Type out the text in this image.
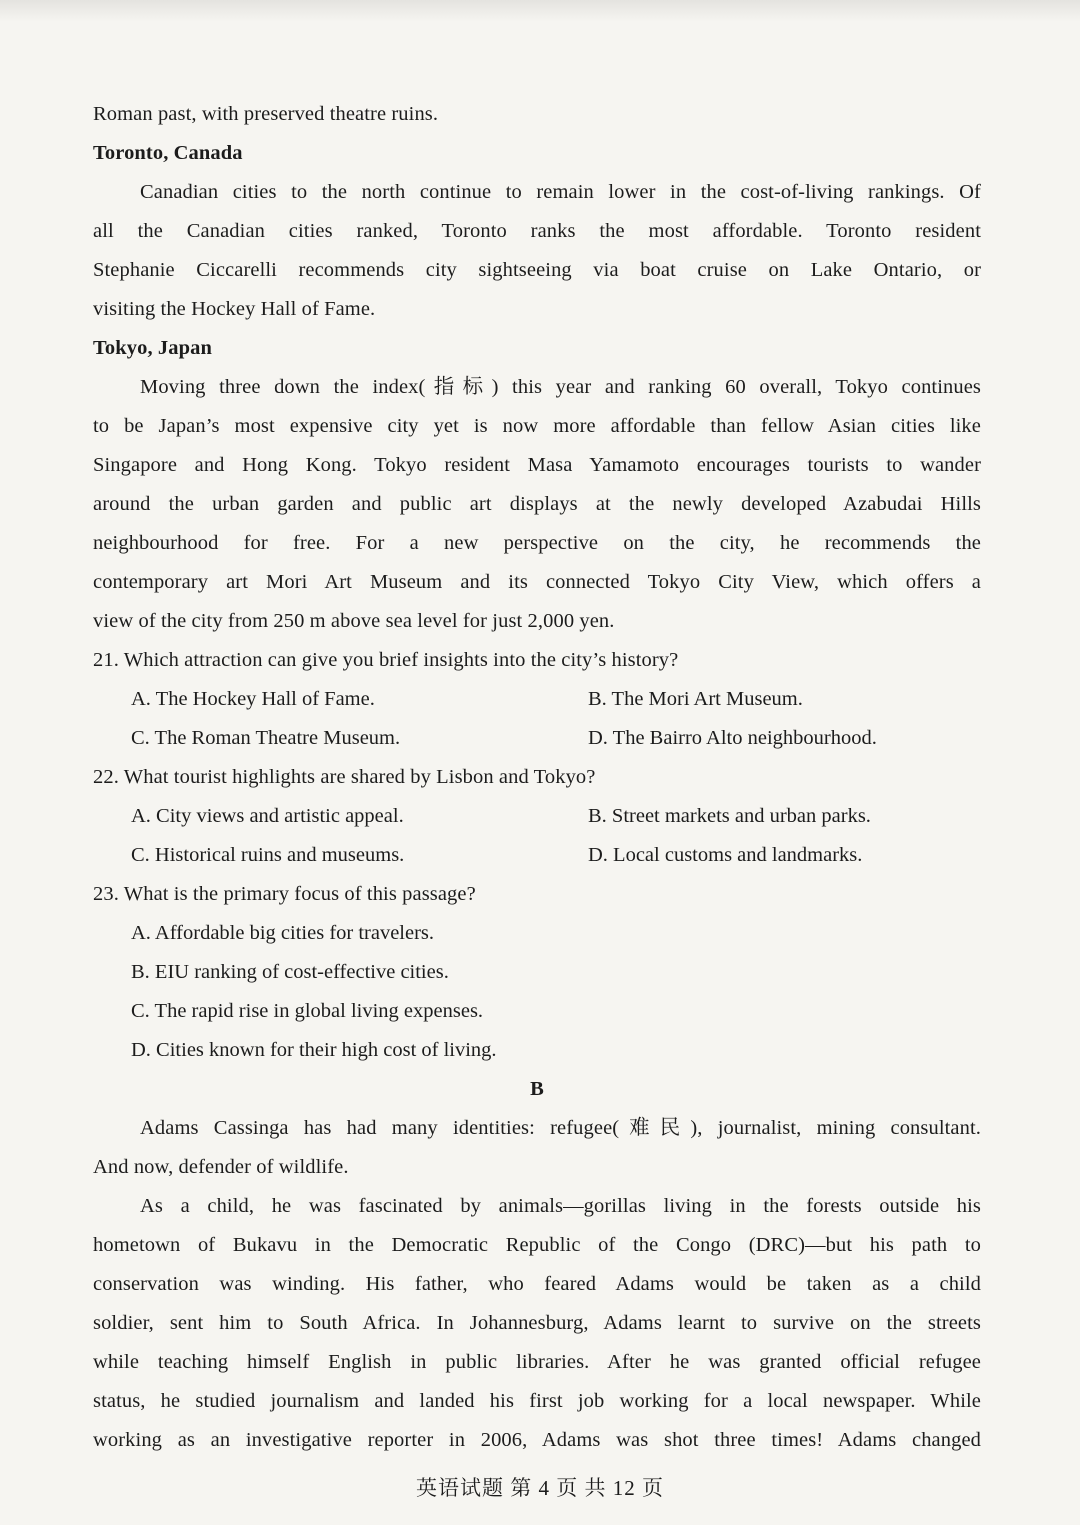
Roman past, with preserved theatre ruins.
Toronto, Canada
Canadian cities to the north continue to remain lower in the cost-of-living rankings. Of
all the Canadian cities ranked, Toronto ranks the most affordable. Toronto resident
Stephanie Ciccarelli recommends city sightseeing via boat cruise on Lake Ontario, or
visiting the Hockey Hall of Fame.
Tokyo, Japan
Moving three down the index(指标) this year and ranking 60 overall, Tokyo continues
to be Japan’s most expensive city yet is now more affordable than fellow Asian cities like
Singapore and Hong Kong. Tokyo resident Masa Yamamoto encourages tourists to wander
around the urban garden and public art displays at the newly developed Azabudai Hills
neighbourhood for free. For a new perspective on the city, he recommends the
contemporary art Mori Art Museum and its connected Tokyo City View, which offers a
view of the city from 250 m above sea level for just 2,000 yen.
21. Which attraction can give you brief insights into the city’s history?
A. The Hockey Hall of Fame.	B. The Mori Art Museum.
C. The Roman Theatre Museum.	D. The Bairro Alto neighbourhood.
22. What tourist highlights are shared by Lisbon and Tokyo?
A. City views and artistic appeal.	B. Street markets and urban parks.
C. Historical ruins and museums.	D. Local customs and landmarks.
23. What is the primary focus of this passage?
A. Affordable big cities for travelers.
B. EIU ranking of cost-effective cities.
C. The rapid rise in global living expenses.
D. Cities known for their high cost of living.
B
Adams Cassinga has had many identities: refugee(难民), journalist, mining consultant.
And now, defender of wildlife.
As a child, he was fascinated by animals—gorillas living in the forests outside his
hometown of Bukavu in the Democratic Republic of the Congo (DRC)—but his path to
conservation was winding. His father, who feared Adams would be taken as a child
soldier, sent him to South Africa. In Johannesburg, Adams learnt to survive on the streets
while teaching himself English in public libraries. After he was granted official refugee
status, he studied journalism and landed his first job working for a local newspaper. While
working as an investigative reporter in 2006, Adams was shot three times! Adams changed
英语试题 第 4 页 共 12 页
